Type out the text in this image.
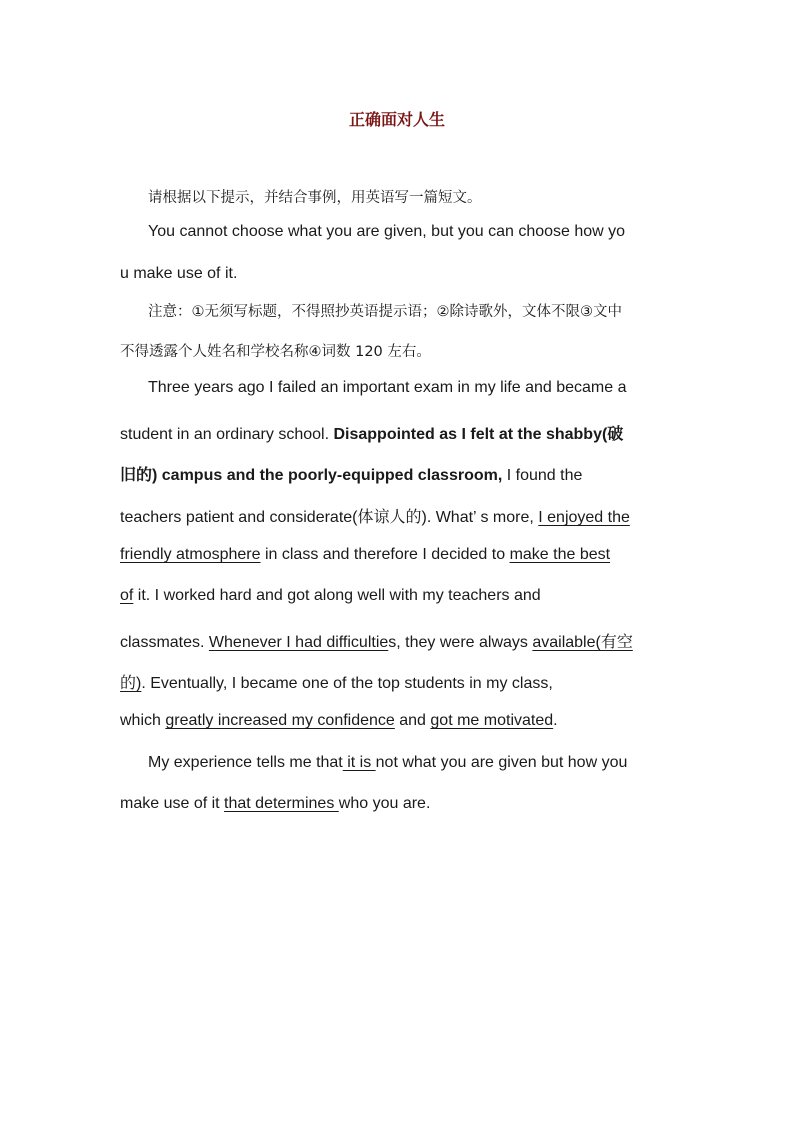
正确面对人生
请根据以下提示，并结合事例，用英语写一篇短文。
You cannot choose what you are given, but you can choose how yo
u make use of it.
注意：①无须写标题，不得照抄英语提示语；②除诗歌外，文体不限③文中
不得透露个人姓名和学校名称④词数 120 左右。
Three years ago I failed an important exam in my life and became a
student in an ordinary school. Disappointed as I felt at the shabby(破
旧的) campus and the poorly-equipped classroom, I found the
teachers patient and considerate(体谅人的). What’ s more, I enjoyed the
friendly atmosphere in class and therefore I decided to make the best
of it. I worked hard and got along well with my teachers and
classmates. Whenever I had difficulties, they were always available(有空
的). Eventually, I became one of the top students in my class,
which greatly increased my confidence and got me motivated.
My experience tells me that it is not what you are given but how you
make use of it that determines who you are.
